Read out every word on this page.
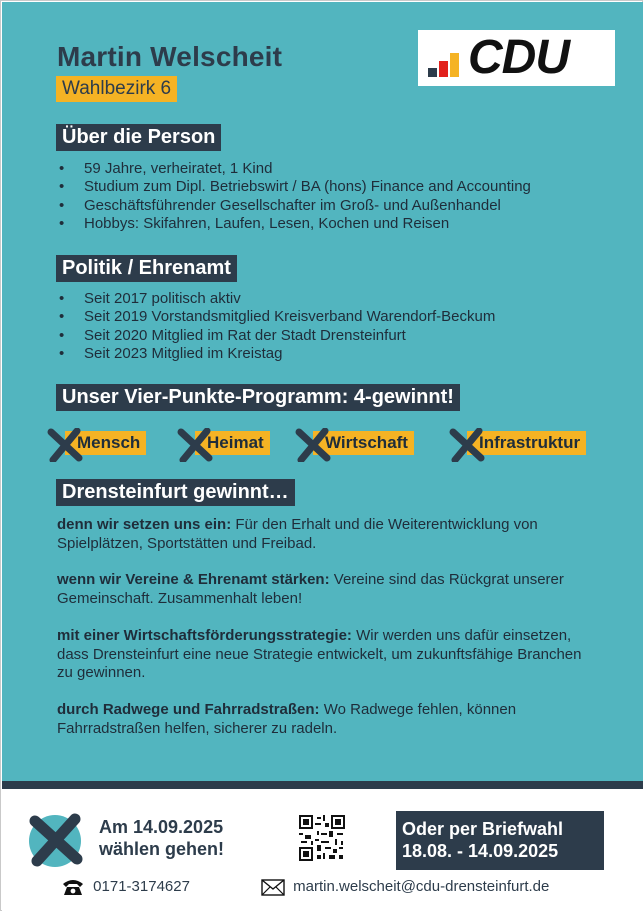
Martin Welscheit
Wahlbezirk 6
CDU
Über die Person
• 59 Jahre, verheiratet, 1 Kind
• Studium zum Dipl. Betriebswirt / BA (hons) Finance and Accounting
• Geschäftsführender Gesellschafter im Groß- und Außenhandel
• Hobbys: Skifahren, Laufen, Lesen, Kochen und Reisen
Politik / Ehrenamt
• Seit 2017 politisch aktiv
• Seit 2019 Vorstandsmitglied Kreisverband Warendorf-Beckum
• Seit 2020 Mitglied im Rat der Stadt Drensteinfurt
• Seit 2023 Mitglied im Kreistag
Unser Vier-Punkte-Programm: 4-gewinnt!
Mensch	Heimat	Wirtschaft	Infrastruktur
Drensteinfurt gewinnt…
denn wir setzen uns ein: Für den Erhalt und die Weiterentwicklung von Spielplätzen, Sportstätten und Freibad.
wenn wir Vereine & Ehrenamt stärken: Vereine sind das Rückgrat unserer Gemeinschaft. Zusammenhalt leben!
mit einer Wirtschaftsförderungsstrategie: Wir werden uns dafür einsetzen, dass Drensteinfurt eine neue Strategie entwickelt, um zukunftsfähige Branchen zu gewinnen.
durch Radwege und Fahrradstraßen: Wo Radwege fehlen, können Fahrradstraßen helfen, sicherer zu radeln.
Am 14.09.2025
wählen gehen!
Oder per Briefwahl
18.08. - 14.09.2025
0171-3174627	martin.welscheit@cdu-drensteinfurt.de
